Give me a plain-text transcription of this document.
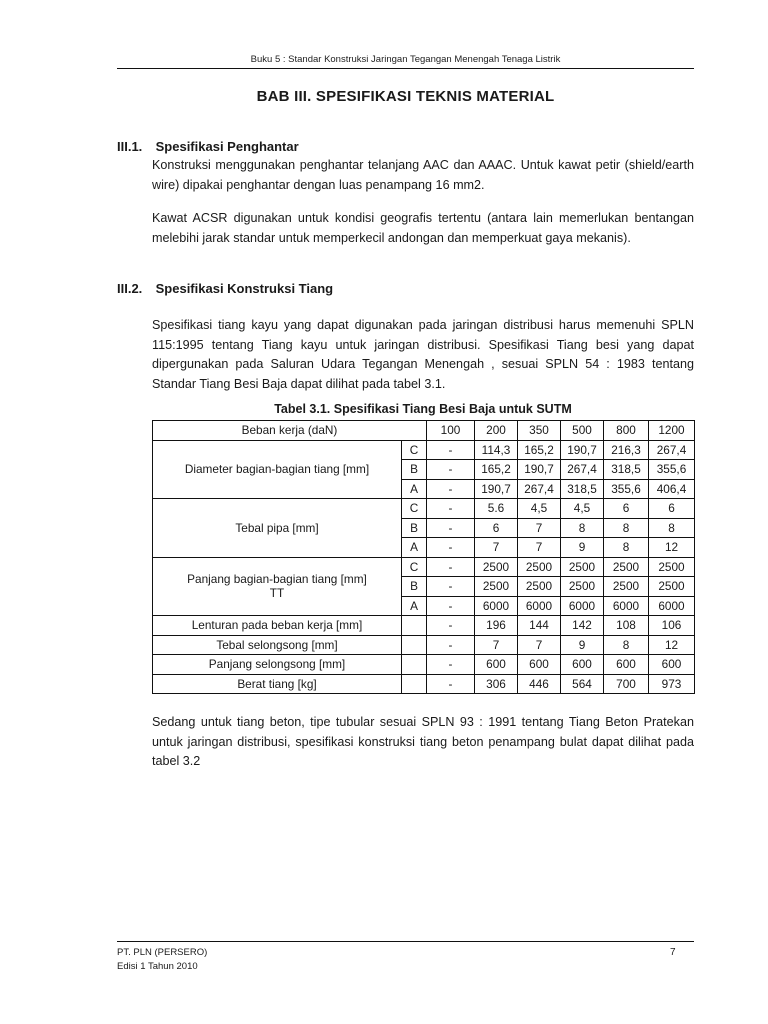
Buku 5 : Standar Konstruksi Jaringan Tegangan Menengah Tenaga Listrik
BAB III. SPESIFIKASI TEKNIS MATERIAL
III.1. Spesifikasi Penghantar
Konstruksi menggunakan penghantar telanjang AAC dan AAAC. Untuk kawat petir (shield/earth wire) dipakai penghantar dengan luas penampang 16 mm2.
Kawat ACSR digunakan untuk kondisi geografis tertentu (antara lain memerlukan bentangan melebihi jarak standar untuk memperkecil andongan dan memperkuat gaya mekanis).
III.2. Spesifikasi Konstruksi Tiang
Spesifikasi tiang kayu yang dapat digunakan pada jaringan distribusi harus memenuhi SPLN 115:1995 tentang Tiang kayu untuk jaringan distribusi. Spesifikasi Tiang besi yang dapat dipergunakan pada Saluran Udara Tegangan Menengah , sesuai SPLN 54 : 1983 tentang Standar Tiang Besi Baja dapat dilihat pada tabel 3.1.
Tabel 3.1. Spesifikasi Tiang Besi Baja untuk SUTM
Beban kerja (daN)		100	200	350	500	800	1200
Diameter bagian-bagian tiang [mm]	C	-	114,3	165,2	190,7	216,3	267,4
	B	-	165,2	190,7	267,4	318,5	355,6
	A	-	190,7	267,4	318,5	355,6	406,4
Tebal pipa [mm]	C	-	5.6	4,5	4,5	6	6
	B	-	6	7	8	8	8
	A	-	7	7	9	8	12

Panjang bagian-bagian tiang [mm]
TT	C	-	2500	2500	2500	2500	2500
	B	-	2500	2500	2500	2500	2500
	A	-	6000	6000	6000	6000	6000
Lenturan pada beban kerja [mm]		-	196	144	142	108	106
Tebal selongsong [mm]		-	7	7	9	8	12
Panjang selongsong [mm]		-	600	600	600	600	600
Berat tiang [kg]		-	306	446	564	700	973
Sedang untuk tiang beton, tipe tubular sesuai SPLN 93 : 1991 tentang Tiang Beton Pratekan untuk jaringan distribusi, spesifikasi konstruksi tiang beton penampang bulat dapat dilihat pada tabel 3.2
PT. PLN (PERSERO)
Edisi 1 Tahun 2010
7
